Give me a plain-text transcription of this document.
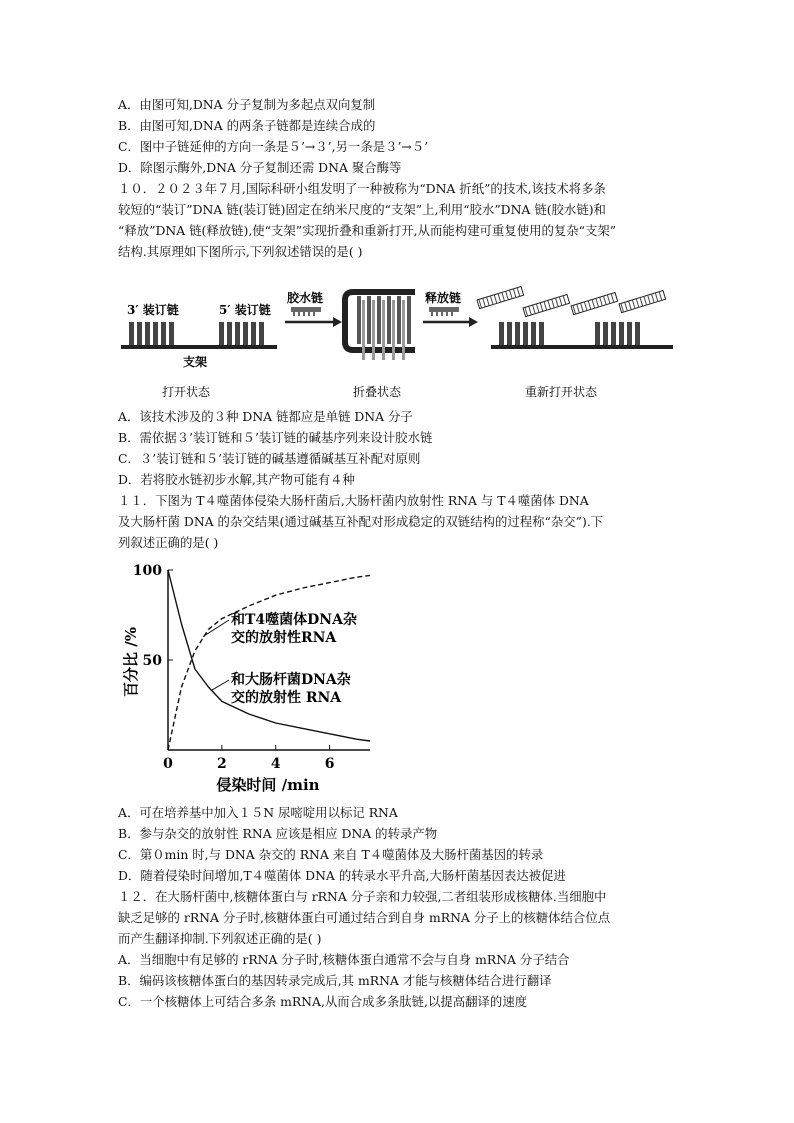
A．由图可知,DNA 分子复制为多起点双向复制
B．由图可知,DNA 的两条子链都是连续合成的
C．图中子链延伸的方向一条是５’→３’,另一条是３’→５’
D．除图示酶外,DNA 分子复制还需 DNA 聚合酶等
１０．２０２３年７月,国际科研小组发明了一种被称为“DNA 折纸”的技术,该技术将多条
较短的“装订”DNA 链(装订链)固定在纳米尺度的“支架”上,利用“胶水”DNA 链(胶水链)和
“释放”DNA 链(释放链),使“支架”实现折叠和重新打开,从而能构建可重复使用的复杂“支架”
结构.其原理如下图所示,下列叙述错误的是( )
3′ 装订链	5′ 装订链
支架
打开状态
胶水链
折叠状态
释放链
重新打开状态
A．该技术涉及的３种 DNA 链都应是单链 DNA 分子
B．需依据３’装订链和５’装订链的碱基序列来设计胶水链
C．３’装订链和５’装订链的碱基遵循碱基互补配对原则
D．若将胶水链初步水解,其产物可能有４种
１１．下图为 T４噬菌体侵染大肠杆菌后,大肠杆菌内放射性 RNA 与 T４噬菌体 DNA
及大肠杆菌 DNA 的杂交结果(通过碱基互补配对形成稳定的双链结构的过程称“杂交”).下
列叙述正确的是( )
0	2	4	6
50
100
百分比 /%
侵染时间 /min
和T4噬菌体DNA杂
交的放射性RNA
和大肠杆菌DNA杂
交的放射性 RNA
A．可在培养基中加入１５N 尿嘧啶用以标记 RNA
B．参与杂交的放射性 RNA 应该是相应 DNA 的转录产物
C．第０min 时,与 DNA 杂交的 RNA 来自 T４噬菌体及大肠杆菌基因的转录
D．随着侵染时间增加,T４噬菌体 DNA 的转录水平升高,大肠杆菌基因表达被促进
１２．在大肠杆菌中,核糖体蛋白与 rRNA 分子亲和力较强,二者组装形成核糖体.当细胞中
缺乏足够的 rRNA 分子时,核糖体蛋白可通过结合到自身 mRNA 分子上的核糖体结合位点
而产生翻译抑制.下列叙述正确的是( )
A．当细胞中有足够的 rRNA 分子时,核糖体蛋白通常不会与自身 mRNA 分子结合
B．编码该核糖体蛋白的基因转录完成后,其 mRNA 才能与核糖体结合进行翻译
C．一个核糖体上可结合多条 mRNA,从而合成多条肽链,以提高翻译的速度
